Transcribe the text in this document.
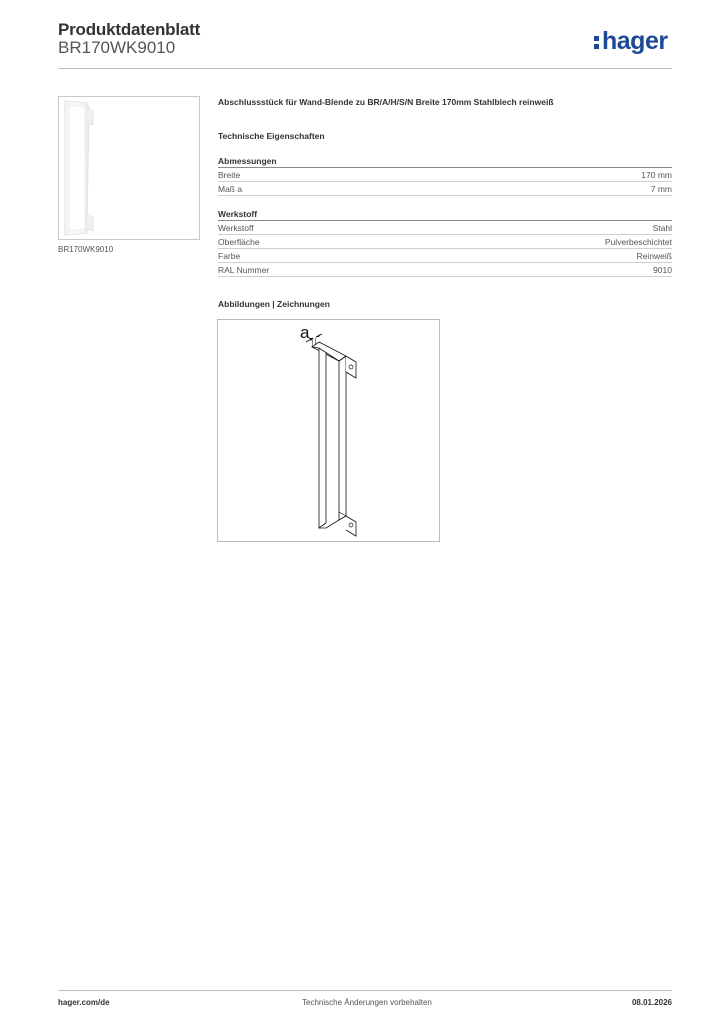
Produktdatenblatt
BR170WK9010	hager
BR170WK9010
Abschlussstück für Wand-Blende zu BR/A/H/S/N Breite 170mm Stahlblech reinweiß
Technische Eigenschaften
Abmessungen
Breite	170 mm
Maß a	7 mm
Werkstoff
Werkstoff	Stahl
Oberfläche	Pulverbeschichtet
Farbe	Reinweiß
RAL Nummer	9010
Abbildungen | Zeichnungen
a
hager.com/de	Technische Änderungen vorbehalten	08.01.2026
